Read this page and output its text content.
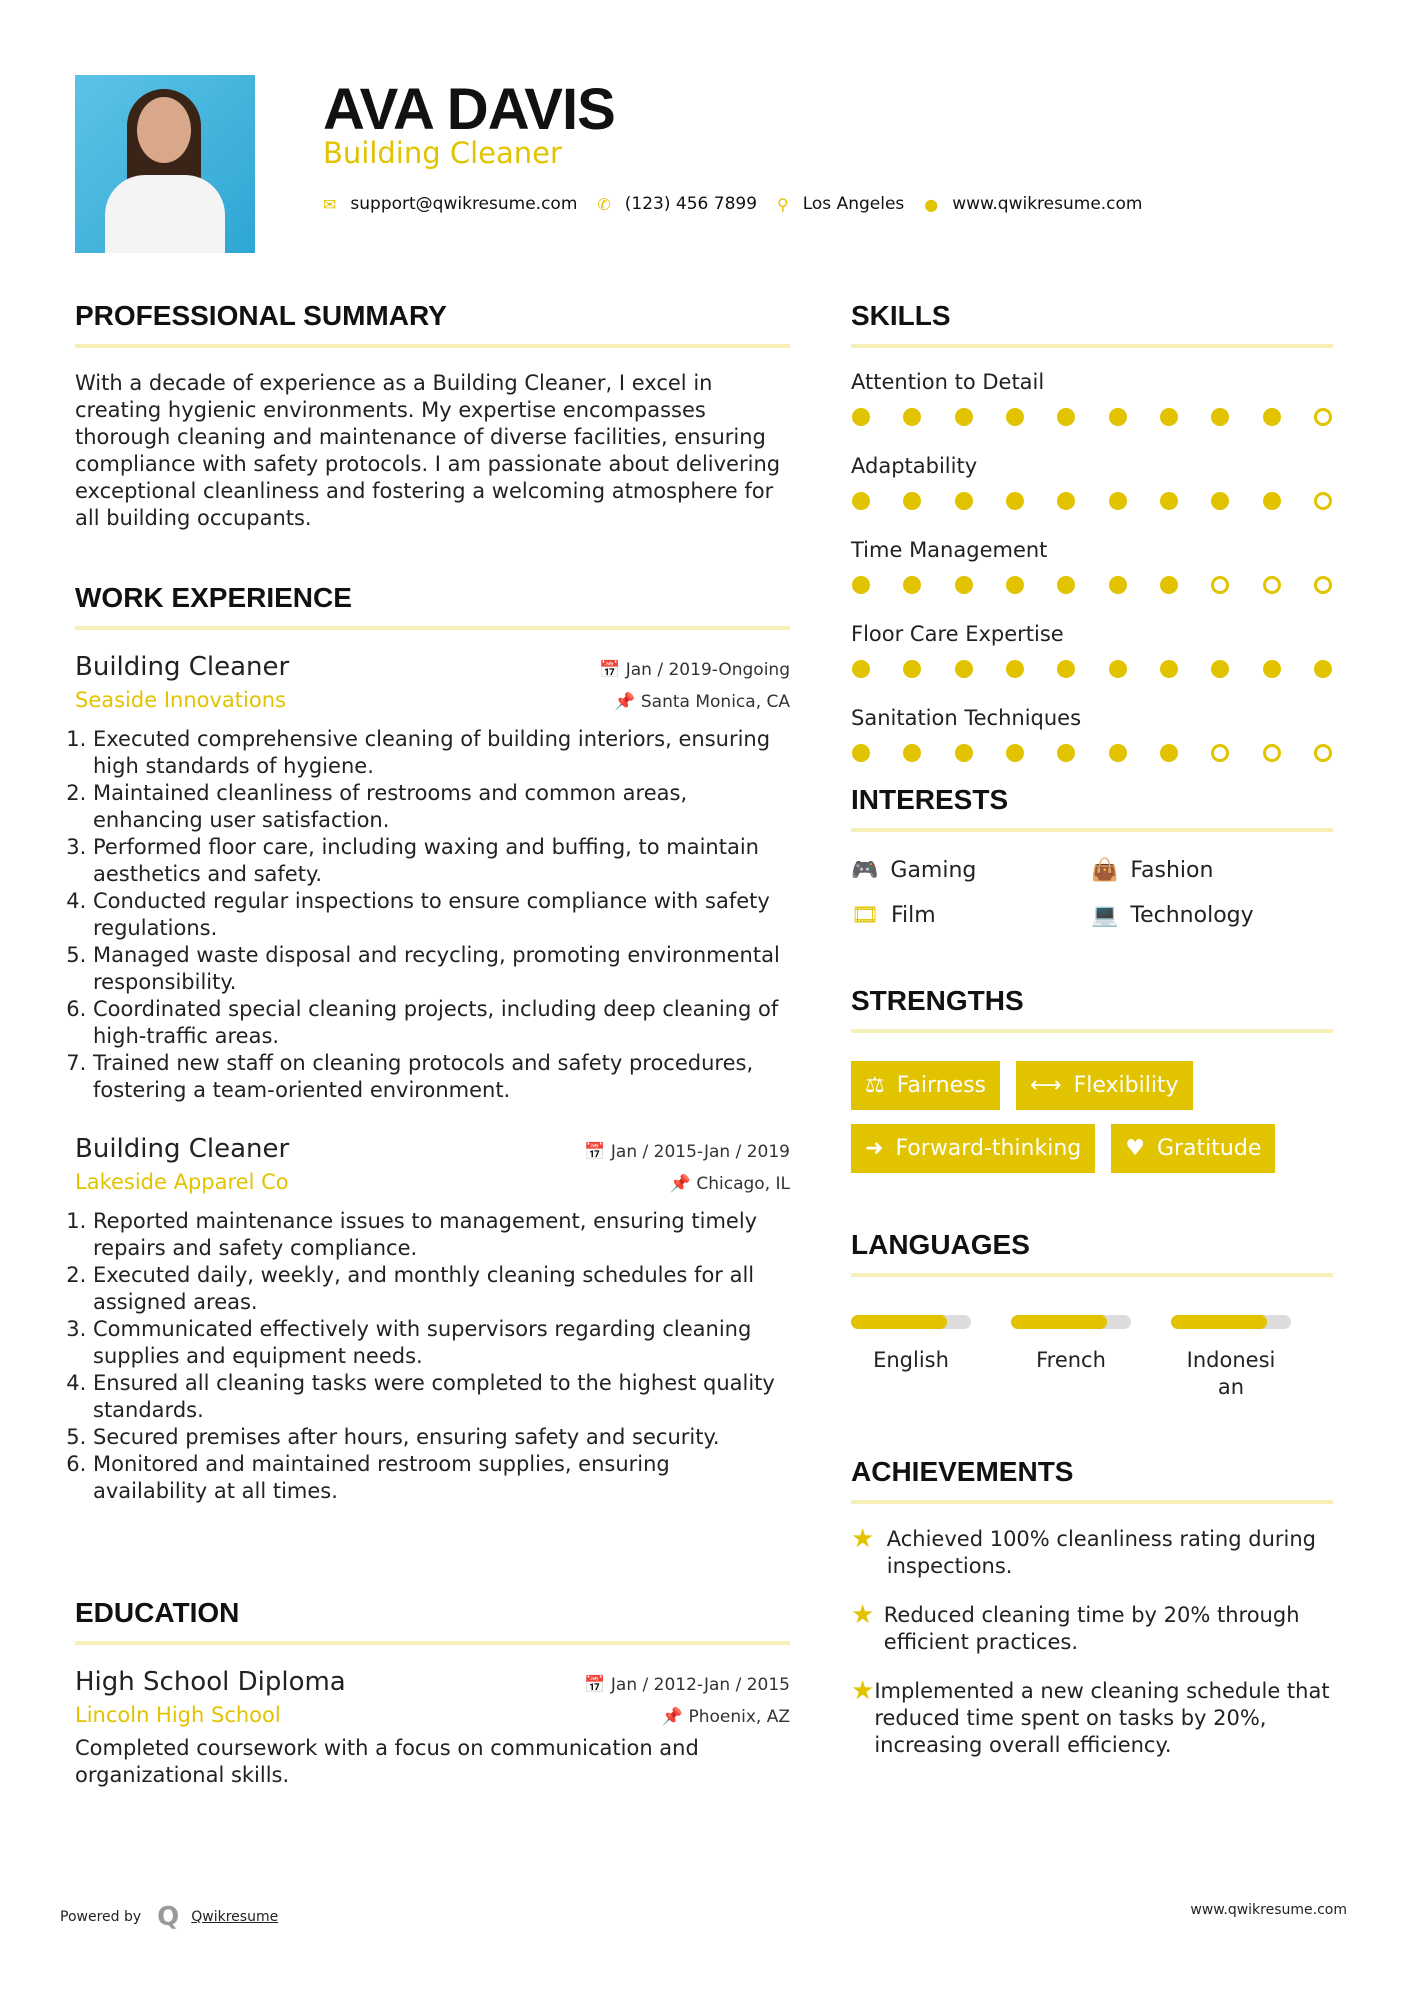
AVA DAVIS
Building Cleaner
✉ support@qwikresume.com ✆ (123) 456 7899 ⚲ Los Angeles ● www.qwikresume.com
PROFESSIONAL SUMMARY
With a decade of experience as a Building Cleaner, I excel in creating hygienic environments. My expertise encompasses thorough cleaning and maintenance of diverse facilities, ensuring compliance with safety protocols. I am passionate about delivering exceptional cleanliness and fostering a welcoming atmosphere for all building occupants.
WORK EXPERIENCE
Building Cleaner	📅 Jan / 2019-Ongoing
Seaside Innovations	📌 Santa Monica, CA
1. Executed comprehensive cleaning of building interiors, ensuring high standards of hygiene.
2. Maintained cleanliness of restrooms and common areas, enhancing user satisfaction.
3. Performed floor care, including waxing and buffing, to maintain aesthetics and safety.
4. Conducted regular inspections to ensure compliance with safety regulations.
5. Managed waste disposal and recycling, promoting environmental responsibility.
6. Coordinated special cleaning projects, including deep cleaning of high-traffic areas.
7. Trained new staff on cleaning protocols and safety procedures, fostering a team-oriented environment.
Building Cleaner	📅 Jan / 2015-Jan / 2019
Lakeside Apparel Co	📌 Chicago, IL
1. Reported maintenance issues to management, ensuring timely repairs and safety compliance.
2. Executed daily, weekly, and monthly cleaning schedules for all assigned areas.
3. Communicated effectively with supervisors regarding cleaning supplies and equipment needs.
4. Ensured all cleaning tasks were completed to the highest quality standards.
5. Secured premises after hours, ensuring safety and security.
6. Monitored and maintained restroom supplies, ensuring availability at all times.
EDUCATION
High School Diploma	📅 Jan / 2012-Jan / 2015
Lincoln High School	📌 Phoenix, AZ
Completed coursework with a focus on communication and organizational skills.
SKILLS
Attention to Detail
Adaptability
Time Management
Floor Care Expertise
Sanitation Techniques
INTERESTS
🎮 Gaming	👜 Fashion
🎞 Film	💻 Technology
STRENGTHS
⚖ Fairness ⟷ Flexibility
➜ Forward-thinking ♥ Gratitude
LANGUAGES
English	French	Indonesian
ACHIEVEMENTS
★ Achieved 100% cleanliness rating during inspections.
★ Reduced cleaning time by 20% through efficient practices.
★ Implemented a new cleaning schedule that reduced time spent on tasks by 20%, increasing overall efficiency.
Powered by Q Qwikresume	www.qwikresume.com
